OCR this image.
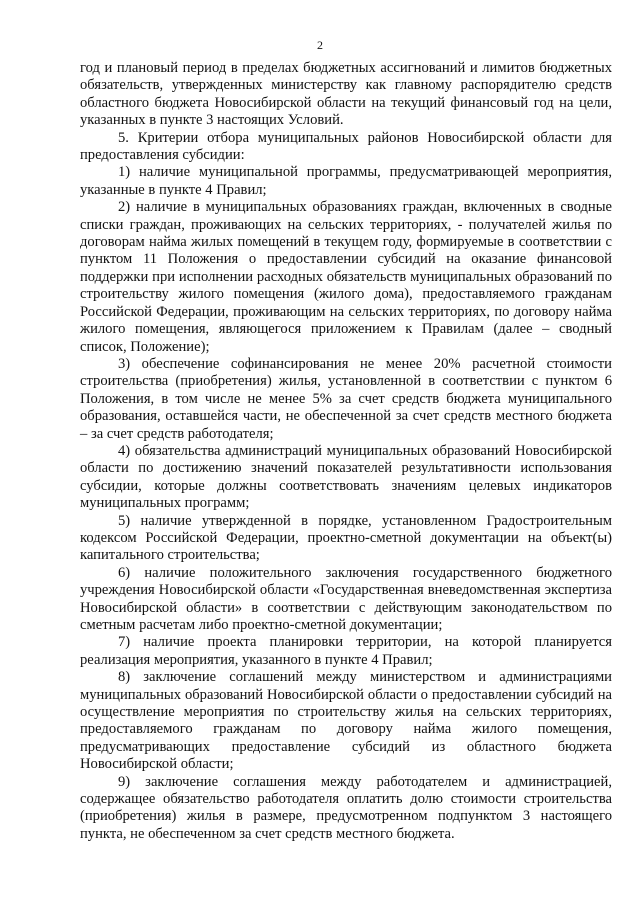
2

год и плановый период в пределах бюджетных ассигнований и лимитов бюджетных обязательств, утвержденных министерству как главному распорядителю средств областного бюджета Новосибирской области на текущий финансовый год на цели, указанных в пункте 3 настоящих Условий.

5. Критерии отбора муниципальных районов Новосибирской области для предоставления субсидии:

1) наличие муниципальной программы, предусматривающей мероприятия, указанные в пункте 4 Правил;

2) наличие в муниципальных образованиях граждан, включенных в сводные списки граждан, проживающих на сельских территориях, - получателей жилья по договорам найма жилых помещений в текущем году, формируемые в соответствии с пунктом 11 Положения о предоставлении субсидий на оказание финансовой поддержки при исполнении расходных обязательств муниципальных образований по строительству жилого помещения (жилого дома), предоставляемого гражданам Российской Федерации, проживающим на сельских территориях, по договору найма жилого помещения, являющегося приложением к Правилам (далее – сводный список, Положение);

3) обеспечение софинансирования не менее 20% расчетной стоимости строительства (приобретения) жилья, установленной в соответствии с пунктом 6 Положения, в том числе не менее 5% за счет средств бюджета муниципального образования, оставшейся части, не обеспеченной за счет средств местного бюджета – за счет средств работодателя;

4) обязательства администраций муниципальных образований Новосибирской области по достижению значений показателей результативности использования субсидии, которые должны соответствовать значениям целевых индикаторов муниципальных программ;

5) наличие утвержденной в порядке, установленном Градостроительным кодексом Российской Федерации, проектно-сметной документации на объект(ы) капитального строительства;

6) наличие положительного заключения государственного бюджетного учреждения Новосибирской области «Государственная вневедомственная экспертиза Новосибирской области» в соответствии с действующим законодательством по сметным расчетам либо проектно-сметной документации;

7) наличие проекта планировки территории, на которой планируется реализация мероприятия, указанного в пункте 4 Правил;

8) заключение соглашений между министерством и администрациями муниципальных образований Новосибирской области о предоставлении субсидий на осуществление мероприятия по строительству жилья на сельских территориях, предоставляемого гражданам по договору найма жилого помещения, предусматривающих предоставление субсидий из областного бюджета Новосибирской области;

9) заключение соглашения между работодателем и администрацией, содержащее обязательство работодателя оплатить долю стоимости строительства (приобретения) жилья в размере, предусмотренном подпунктом 3 настоящего пункта, не обеспеченном за счет средств местного бюджета.
